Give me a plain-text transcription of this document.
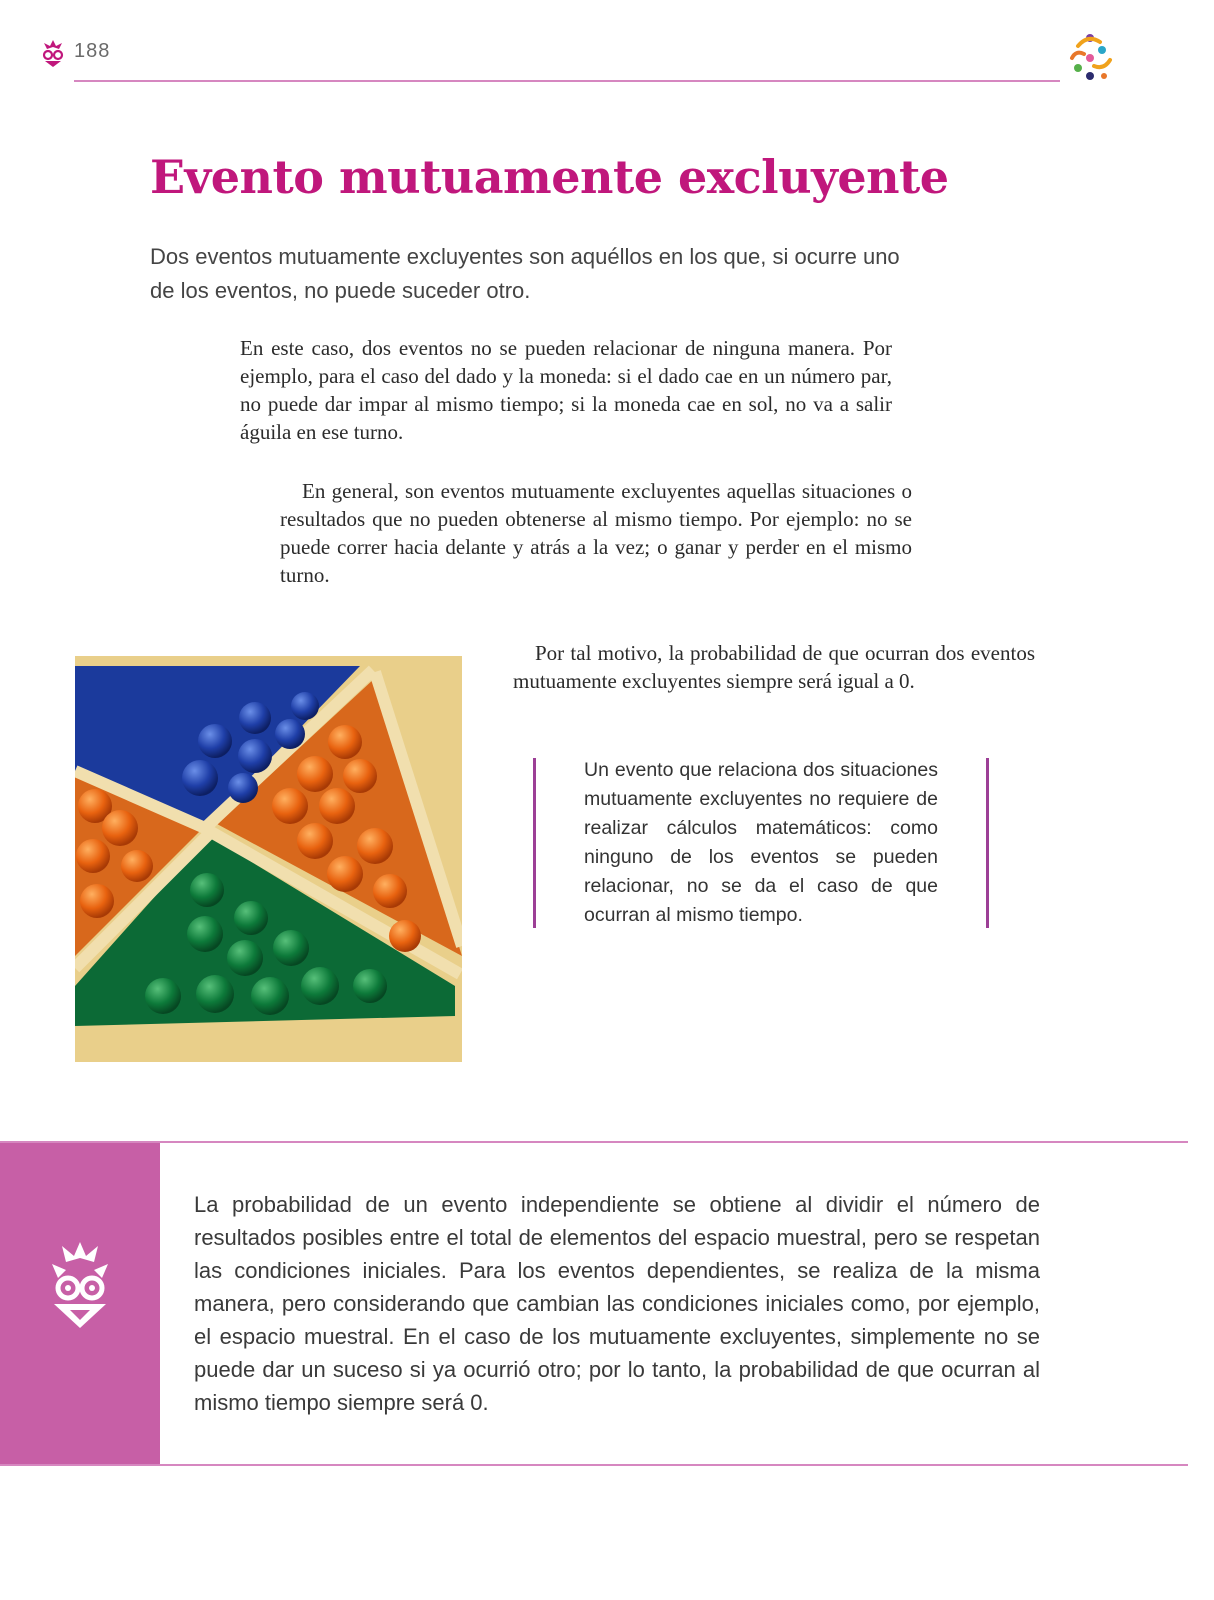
188
Evento mutuamente excluyente

Dos eventos mutuamente excluyentes son aquéllos en los que, si ocurre uno de los eventos, no puede suceder otro.

En este caso, dos eventos no se pueden relacionar de ninguna manera. Por ejemplo, para el caso del dado y la moneda: si el dado cae en un número par, no puede dar impar al mismo tiempo; si la moneda cae en sol, no va a salir águila en ese turno.

En general, son eventos mutuamente excluyentes aquellas situaciones o resultados que no pueden obtenerse al mismo tiempo. Por ejemplo: no se puede correr hacia delante y atrás a la vez; o ganar y perder en el mismo turno.

Por tal motivo, la probabilidad de que ocurran dos eventos mutuamente excluyentes siempre será igual a 0.

Un evento que relaciona dos situaciones mutuamente excluyentes no requiere de realizar cálculos matemáticos: como ninguno de los eventos se pueden relacionar, no se da el caso de que ocurran al mismo tiempo.

La probabilidad de un evento independiente se obtiene al dividir el número de resultados posibles entre el total de elementos del espacio muestral, pero se respetan las condiciones iniciales. Para los eventos dependientes, se realiza de la misma manera, pero considerando que cambian las condiciones iniciales como, por ejemplo, el espacio muestral. En el caso de los mutuamente excluyentes, simplemente no se puede dar un suceso si ya ocurrió otro; por lo tanto, la probabilidad de que ocurran al mismo tiempo siempre será 0.
